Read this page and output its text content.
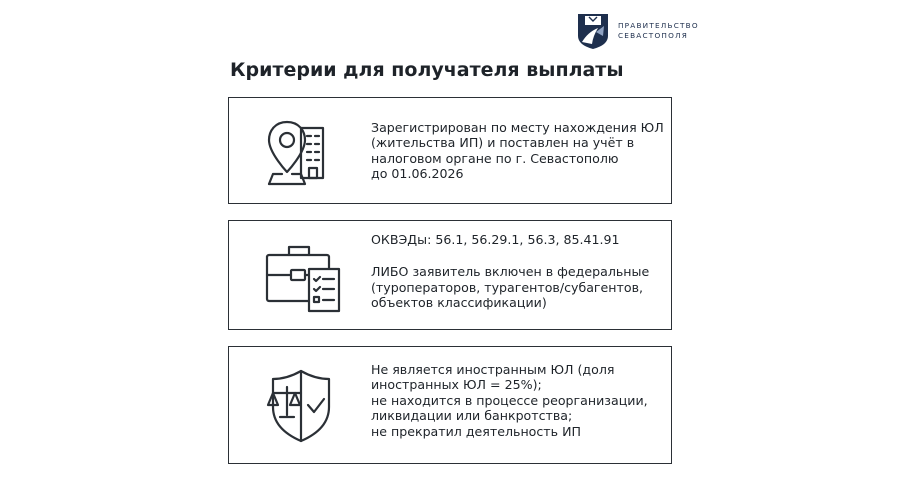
ПРАВИТЕЛЬСТВО
СЕВАСТОПОЛЯ
Критерии для получателя выплаты
Зарегистрирован по месту нахождения ЮЛ
(жительства ИП) и поставлен на учёт в
налоговом органе по г. Севастополю
до 01.06.2026
ОКВЭДы: 56.1, 56.29.1, 56.3, 85.41.91
ЛИБО заявитель включен в федеральные
(туроператоров, турагентов/субагентов,
объектов классификации)
Не является иностранным ЮЛ (доля
иностранных ЮЛ = 25%);
не находится в процессе реорганизации,
ликвидации или банкротства;
не прекратил деятельность ИП
